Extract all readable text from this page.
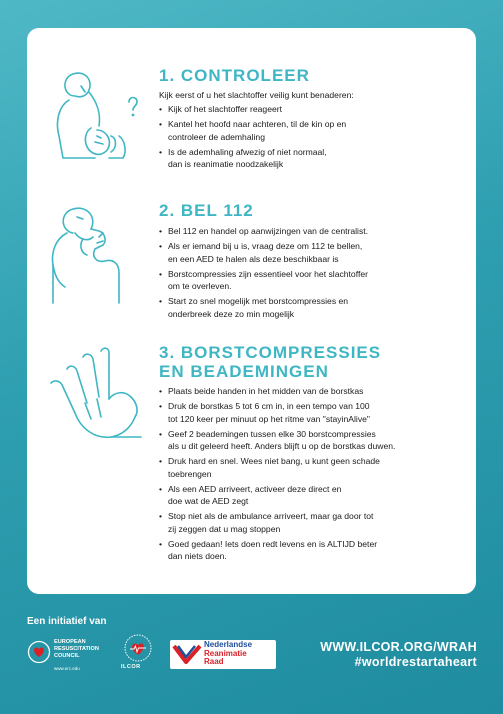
1. CONTROLEER
Kijk eerst of u het slachtoffer veilig kunt benaderen:
• Kijk of het slachtoffer reageert
• Kantel het hoofd naar achteren, til de kin op en
controleer de ademhaling
• Is de ademhaling afwezig of niet normaal,
dan is reanimatie noodzakelijk
2. BEL 112
• Bel 112 en handel op aanwijzingen van de centralist.
• Als er iemand bij u is, vraag deze om 112 te bellen,
en een AED te halen als deze beschikbaar is
• Borstcompressies zijn essentieel voor het slachtoffer
om te overleven.
• Start zo snel mogelijk met borstcompressies en
onderbreek deze zo min mogelijk
3. BORSTCOMPRESSIES
EN BEADEMINGEN
• Plaats beide handen in het midden van de borstkas
• Druk de borstkas 5 tot 6 cm in, in een tempo van 100
tot 120 keer per minuut op het ritme van "stayinAlive"
• Geef 2 beademingen tussen elke 30 borstcompressies
als u dit geleerd heeft. Anders blijft u op de borstkas duwen.
• Druk hard en snel. Wees niet bang, u kunt geen schade
toebrengen
• Als een AED arriveert, activeer deze direct en
doe wat de AED zegt
• Stop niet als de ambulance arriveert, maar ga door tot
zij zeggen dat u mag stoppen
• Goed gedaan! Iets doen redt levens en is ALTIJD beter
dan niets doen.
Een initiatief van
EUROPEAN
RESUSCITATION
COUNCIL
www.erc.edu	ILCOR
Nederlandse
Reanimatie
Raad
WWW.ILCOR.ORG/WRAH
#worldrestartaheart
